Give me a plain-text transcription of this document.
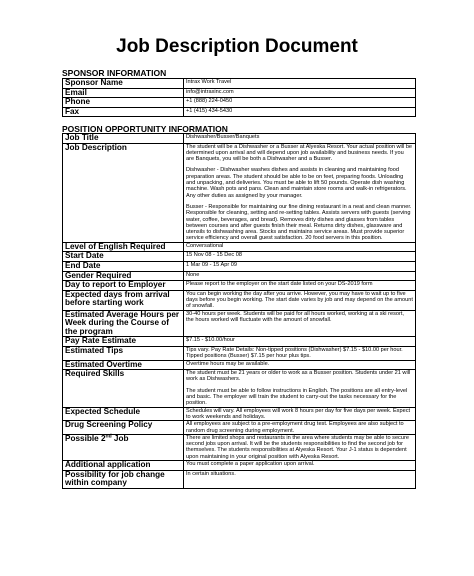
Job Description Document
SPONSOR INFORMATION
Sponsor Name	Intrax Work Travel
Email	info@intraxinc.com
Phone	+1 (888) 224-0450
Fax	+1 (415) 434-5430
POSITION OPPORTUNITY INFORMATION
Job Title	Dishwasher/Busser/Banquets
Job Description	The student will be a Dishwasher or a Busser at Alyeska Resort. Your actual position will be determined upon arrival and will depend upon job availability and business needs. If you are Banquets, you will be both a Dishwasher and a Busser.
Dishwasher - Dishwasher washes dishes and assists in cleaning and maintaining food preparation areas. The student should be able to be on feet, preparing foods. Unloading and unpacking, and deliveries. You must be able to lift 50 pounds. Operate dish washing machine. Wash pots and pans. Clean and maintain store rooms and walk-in refrigerators. Any other duties as assigned by your manager.
Busser - Responsible for maintaining our fine dining restaurant in a neat and clean manner. Responsible for cleaning, setting and re-setting tables. Assists servers with guests (serving water, coffee, beverages, and bread). Removes dirty dishes and glasses from tables between courses and after guests finish their meal. Returns dirty dishes, glassware and utensils to dishwashing area. Stocks and maintains service areas. Must provide superior service efficiency and overall guest satisfaction. 20 food servers in this position.

Level of English Required	Conversational
Start Date	15 Nov 08 - 15 Dec 08
End Date	1 Mar 09 - 15 Apr 09
Gender Required	None
Day to report to Employer	Please report to the employer on the start date listed on your DS-2019 form
Expected days from arrival before starting work	You can begin working the day after you arrive. However, you may have to wait up to five days before you begin working. The start date varies by job and may depend on the amount of snowfall.
Estimated Average Hours per Week during the Course of the program	30-40 hours per week. Students will be paid for all hours worked, working at a ski resort, the hours worked will fluctuate with the amount of snowfall.
Pay Rate Estimate	$7.15 - $10.00/hour
Estimated Tips	Tips vary. Pay Rate Details: Non-tipped positions (Dishwasher) $7.15 - $10.00 per hour. Tipped positions (Busser) $7.15 per hour plus tips.
Estimated Overtime	Overtime hours may be available.
Required Skills	The student must be 21 years or older to work as a Busser position. Students under 21 will work as Dishwashers.
The student must be able to follow instructions in English. The positions are all entry-level and basic. The employer will train the student to carry-out the tasks necessary for the position.

Expected Schedule	Schedules will vary. All employees will work 8 hours per day for five days per week. Expect to work weekends and holidays.
Drug Screening Policy	All employees are subject to a pre-employment drug test. Employees are also subject to random drug screening during employment.
Possible 2nd Job	There are limited shops and restaurants in the area where students may be able to secure second jobs upon arrival. It will be the students responsibilities to find the second job for themselves. The students responsibilities at Alyeska Resort. Your J-1 status is dependent upon maintaining in your original position with Alyeska Resort.
Additional application	You must complete a paper application upon arrival.
Possibility for job change within company	In certain situations.
